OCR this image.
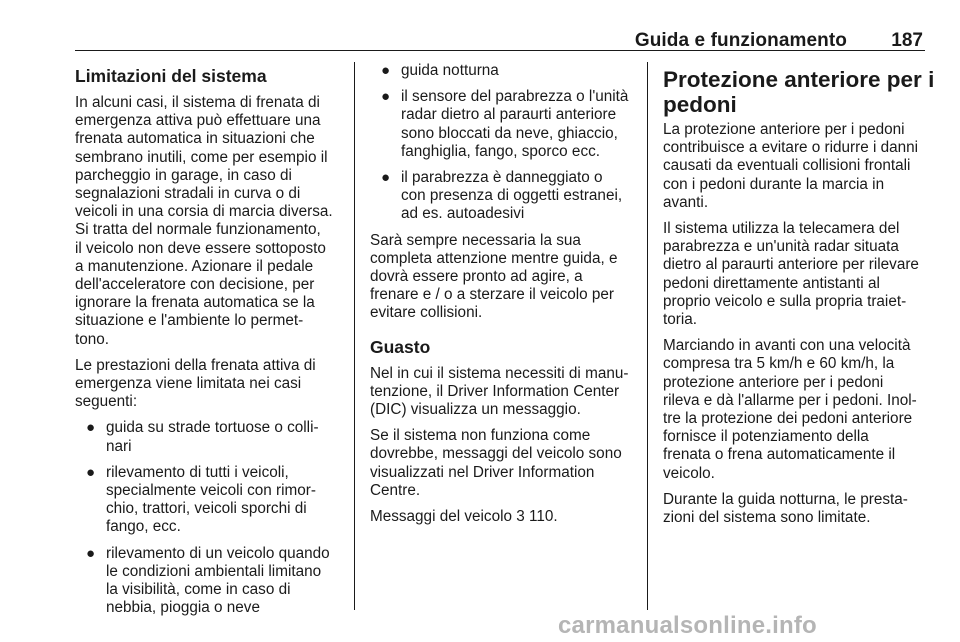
Guida e funzionamento 187
Limitazioni del sistema
In alcuni casi, il sistema di frenata di
emergenza attiva può effettuare una
frenata automatica in situazioni che
sembrano inutili, come per esempio il
parcheggio in garage, in caso di
segnalazioni stradali in curva o di
veicoli in una corsia di marcia diversa.
Si tratta del normale funzionamento,
il veicolo non deve essere sottoposto
a manutenzione. Azionare il pedale
dell'acceleratore con decisione, per
ignorare la frenata automatica se la
situazione e l'ambiente lo permet‐
tono.
Le prestazioni della frenata attiva di
emergenza viene limitata nei casi
seguenti:
● guida su strade tortuose o colli‐
nari
● rilevamento di tutti i veicoli,
specialmente veicoli con rimor‐
chio, trattori, veicoli sporchi di
fango, ecc.
● rilevamento di un veicolo quando
le condizioni ambientali limitano
la visibilità, come in caso di
nebbia, pioggia o neve
● guida notturna
● il sensore del parabrezza o l'unità
radar dietro al paraurti anteriore
sono bloccati da neve, ghiaccio,
fanghiglia, fango, sporco ecc.
● il parabrezza è danneggiato o
con presenza di oggetti estranei,
ad es. autoadesivi
Sarà sempre necessaria la sua
completa attenzione mentre guida, e
dovrà essere pronto ad agire, a
frenare e / o a sterzare il veicolo per
evitare collisioni.
Guasto
Nel in cui il sistema necessiti di manu‐
tenzione, il Driver Information Center
(DIC) visualizza un messaggio.
Se il sistema non funziona come
dovrebbe, messaggi del veicolo sono
visualizzati nel Driver Information
Centre.
Messaggi del veicolo 3 110.
Protezione anteriore per i
pedoni
La protezione anteriore per i pedoni
contribuisce a evitare o ridurre i danni
causati da eventuali collisioni frontali
con i pedoni durante la marcia in
avanti.
Il sistema utilizza la telecamera del
parabrezza e un'unità radar situata
dietro al paraurti anteriore per rilevare
pedoni direttamente antistanti al
proprio veicolo e sulla propria traiet‐
toria.
Marciando in avanti con una velocità
compresa tra 5 km/h e 60 km/h, la
protezione anteriore per i pedoni
rileva e dà l'allarme per i pedoni. Inol‐
tre la protezione dei pedoni anteriore
fornisce il potenziamento della
frenata o frena automaticamente il
veicolo.
Durante la guida notturna, le presta‐
zioni del sistema sono limitate.
carmanualsonline.info
